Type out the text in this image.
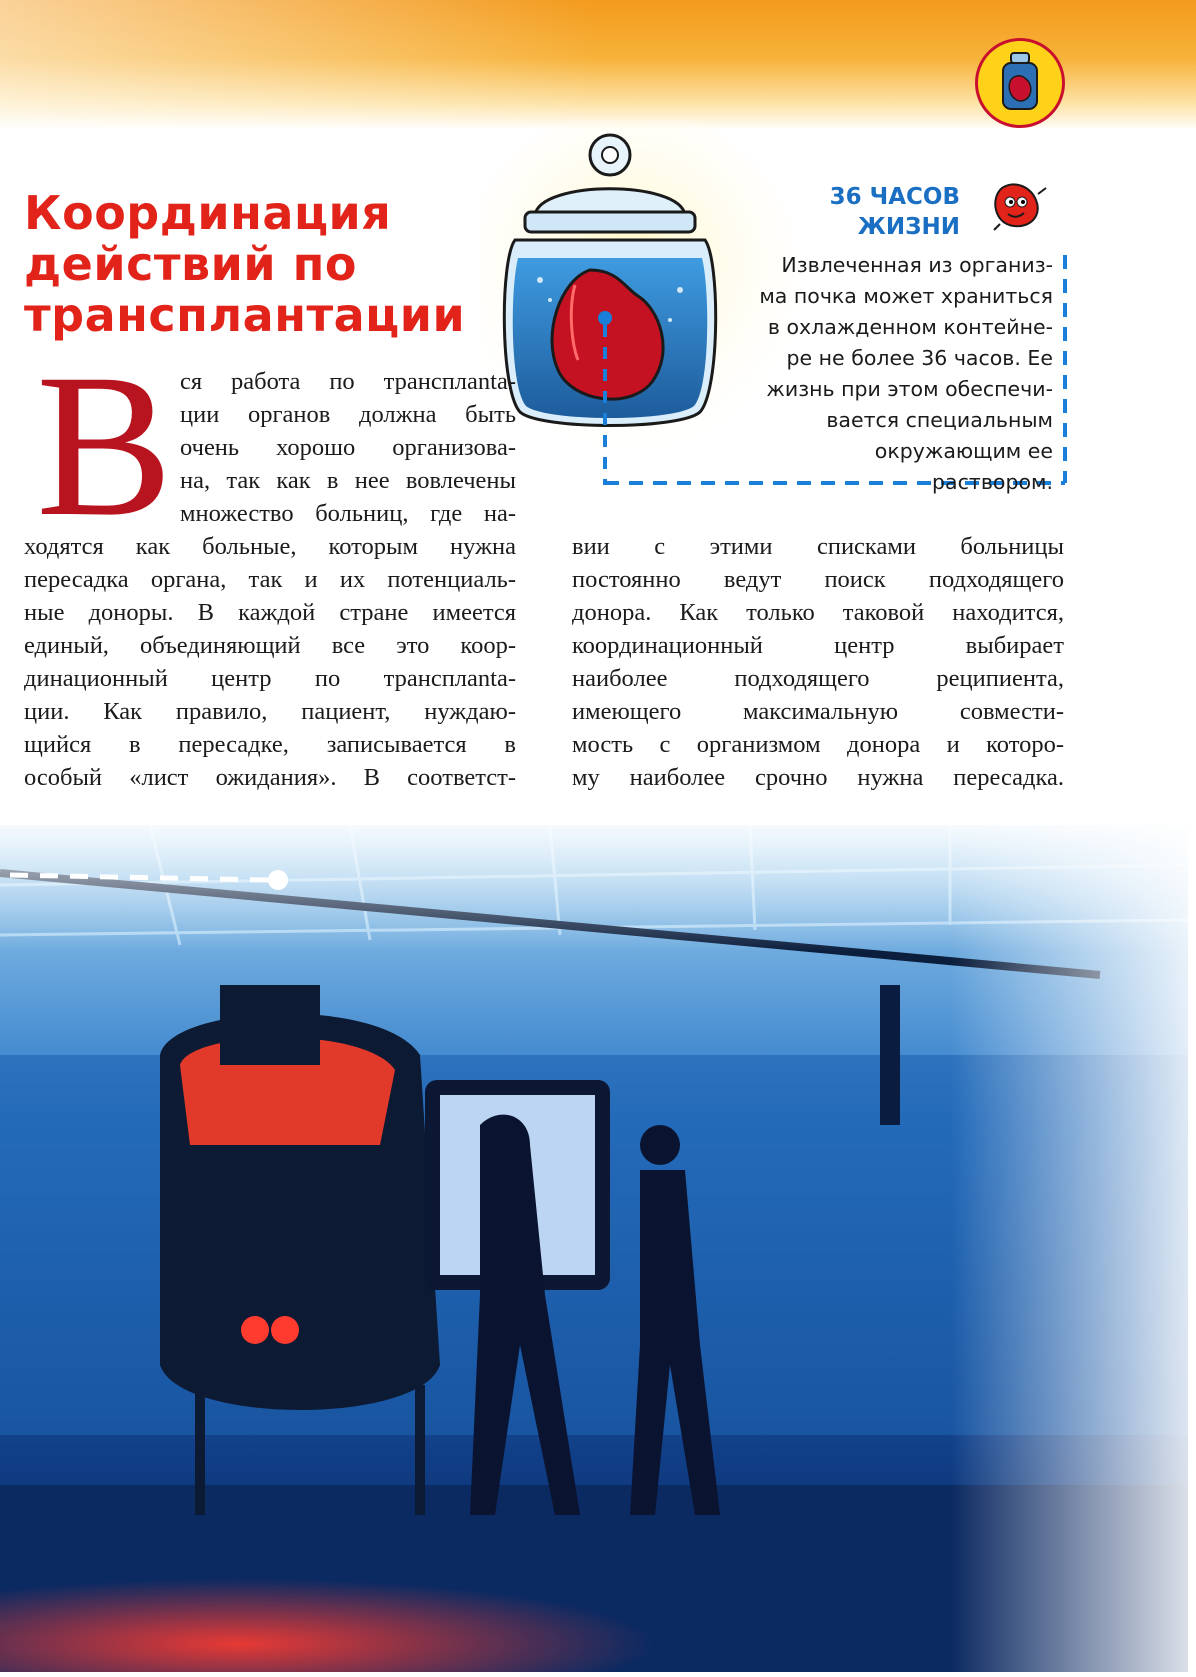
Координация
действий по
трансплантации
36 ЧАСОВ
ЖИЗНИ
Извлеченная из организ-
ма почка может храниться
в охлажденном контейне-
ре не более 36 часов. Ее
жизнь при этом обеспечи-
вается специальным
окружающим ее
раствором.
В ся работа по трансплanta-
ции органов должна быть
очень хорошо организова-
на, так как в нее вовлечены
множество больниц, где на-
ходятся как больные, которым нужна
пересадка органа, так и их потенциаль-
ные доноры. В каждой стране имеется
единый, объединяющий все это коор-
динационный центр по трансплanta-
ции. Как правило, пациент, нуждаю-
щийся в пересадке, записывается в
особый «лист ожидания». В соответст-
вии с этими списками больницы
постоянно ведут поиск подходящего
донора. Как только таковой находится,
координационный центр выбирает
наиболее подходящего реципиента,
имеющего максимальную совмести-
мость с организмом донора и которо-
му наиболее срочно нужна пересадка.
